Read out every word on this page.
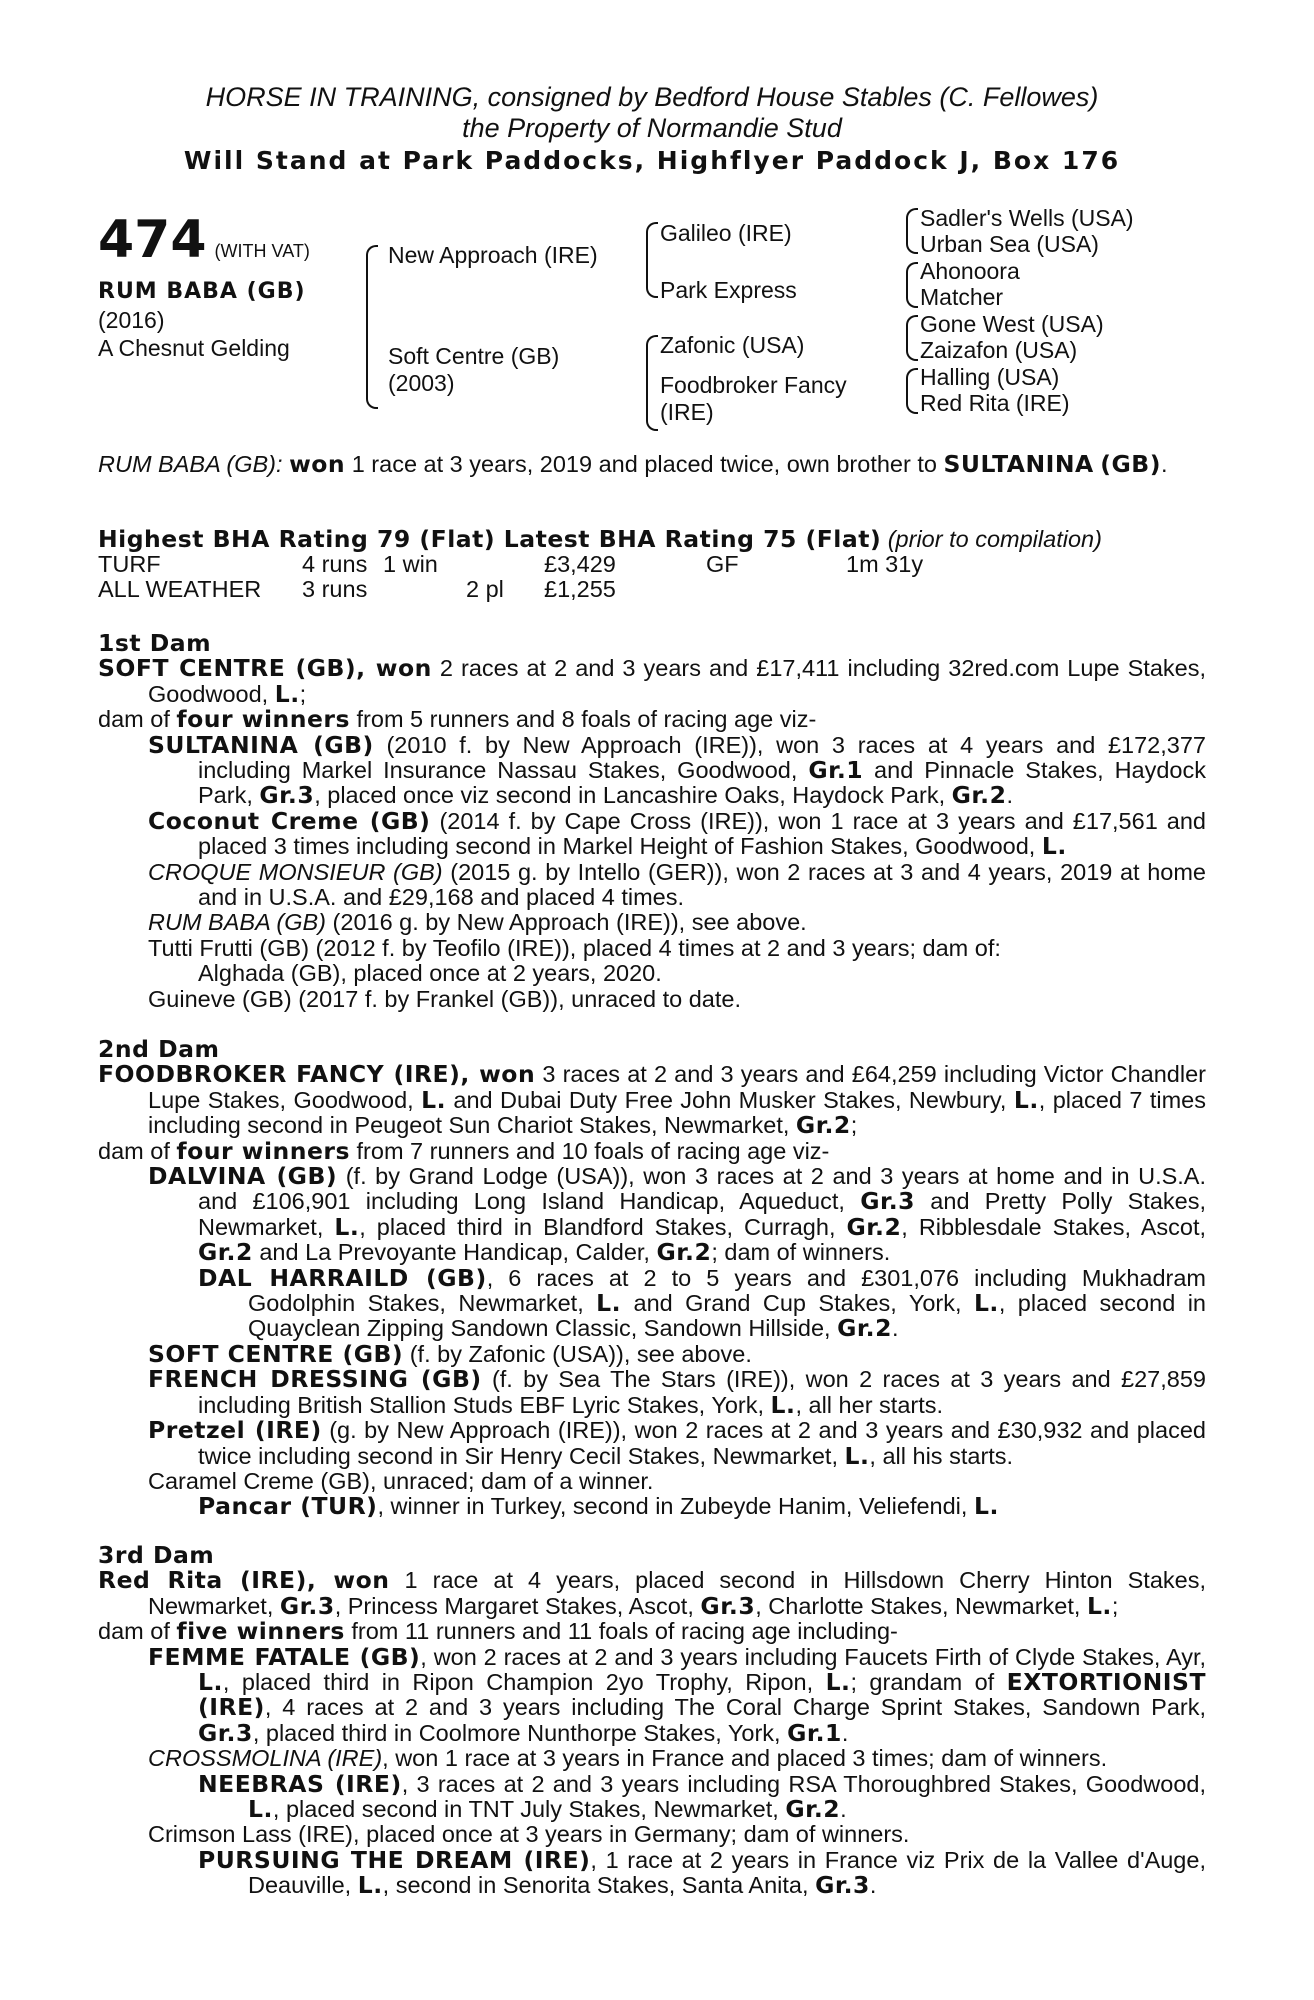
HORSE IN TRAINING, consigned by Bedford House Stables (C. Fellowes)
the Property of Normandie Stud
Will Stand at Park Paddocks, Highflyer Paddock J, Box 176
474 (WITH VAT)
RUM BABA (GB)
(2016)
A Chesnut Gelding
New Approach (IRE)
Soft Centre (GB)
(2003)
Galileo (IRE)
Park Express
Zafonic (USA)
Foodbroker Fancy
(IRE)
Sadler's Wells (USA)
Urban Sea (USA)
Ahonoora
Matcher
Gone West (USA)
Zaizafon (USA)
Halling (USA)
Red Rita (IRE)

RUM BABA (GB): won 1 race at 3 years, 2019 and placed twice, own brother to SULTANINA (GB).

Highest BHA Rating 79 (Flat) Latest BHA Rating 75 (Flat) (prior to compilation)
TURF	4 runs 1 win	£3,429	GF	1m 31y
ALL WEATHER 3 runs	2 pl £1,255
1st Dam

SOFT CENTRE (GB), won 2 races at 2 and 3 years and £17,411 including 32red.com Lupe Stakes, Goodwood, L.;

dam of four winners from 5 runners and 8 foals of racing age viz-

SULTANINA (GB) (2010 f. by New Approach (IRE)), won 3 races at 4 years and £172,377 including Markel Insurance Nassau Stakes, Goodwood, Gr.1 and Pinnacle Stakes, Haydock Park, Gr.3, placed once viz second in Lancashire Oaks, Haydock Park, Gr.2.

Coconut Creme (GB) (2014 f. by Cape Cross (IRE)), won 1 race at 3 years and £17,561 and placed 3 times including second in Markel Height of Fashion Stakes, Goodwood, L.

CROQUE MONSIEUR (GB) (2015 g. by Intello (GER)), won 2 races at 3 and 4 years, 2019 at home and in U.S.A. and £29,168 and placed 4 times.

RUM BABA (GB) (2016 g. by New Approach (IRE)), see above.

Tutti Frutti (GB) (2012 f. by Teofilo (IRE)), placed 4 times at 2 and 3 years; dam of:

Alghada (GB), placed once at 2 years, 2020.

Guineve (GB) (2017 f. by Frankel (GB)), unraced to date.

2nd Dam

FOODBROKER FANCY (IRE), won 3 races at 2 and 3 years and £64,259 including Victor Chandler Lupe Stakes, Goodwood, L. and Dubai Duty Free John Musker Stakes, Newbury, L., placed 7 times including second in Peugeot Sun Chariot Stakes, Newmarket, Gr.2;

dam of four winners from 7 runners and 10 foals of racing age viz-

DALVINA (GB) (f. by Grand Lodge (USA)), won 3 races at 2 and 3 years at home and in U.S.A. and £106,901 including Long Island Handicap, Aqueduct, Gr.3 and Pretty Polly Stakes, Newmarket, L., placed third in Blandford Stakes, Curragh, Gr.2, Ribblesdale Stakes, Ascot, Gr.2 and La Prevoyante Handicap, Calder, Gr.2; dam of winners.

DAL HARRAILD (GB), 6 races at 2 to 5 years and £301,076 including Mukhadram Godolphin Stakes, Newmarket, L. and Grand Cup Stakes, York, L., placed second in Quayclean Zipping Sandown Classic, Sandown Hillside, Gr.2.

SOFT CENTRE (GB) (f. by Zafonic (USA)), see above.

FRENCH DRESSING (GB) (f. by Sea The Stars (IRE)), won 2 races at 3 years and £27,859 including British Stallion Studs EBF Lyric Stakes, York, L., all her starts.

Pretzel (IRE) (g. by New Approach (IRE)), won 2 races at 2 and 3 years and £30,932 and placed twice including second in Sir Henry Cecil Stakes, Newmarket, L., all his starts.

Caramel Creme (GB), unraced; dam of a winner.

Pancar (TUR), winner in Turkey, second in Zubeyde Hanim, Veliefendi, L.

3rd Dam

Red Rita (IRE), won 1 race at 4 years, placed second in Hillsdown Cherry Hinton Stakes, Newmarket, Gr.3, Princess Margaret Stakes, Ascot, Gr.3, Charlotte Stakes, Newmarket, L.;

dam of five winners from 11 runners and 11 foals of racing age including-

FEMME FATALE (GB), won 2 races at 2 and 3 years including Faucets Firth of Clyde Stakes, Ayr, L., placed third in Ripon Champion 2yo Trophy, Ripon, L.; grandam of EXTORTIONIST (IRE), 4 races at 2 and 3 years including The Coral Charge Sprint Stakes, Sandown Park, Gr.3, placed third in Coolmore Nunthorpe Stakes, York, Gr.1.

CROSSMOLINA (IRE), won 1 race at 3 years in France and placed 3 times; dam of winners.

NEEBRAS (IRE), 3 races at 2 and 3 years including RSA Thoroughbred Stakes, Goodwood, L., placed second in TNT July Stakes, Newmarket, Gr.2.

Crimson Lass (IRE), placed once at 3 years in Germany; dam of winners.

PURSUING THE DREAM (IRE), 1 race at 2 years in France viz Prix de la Vallee d'Auge, Deauville, L., second in Senorita Stakes, Santa Anita, Gr.3.
